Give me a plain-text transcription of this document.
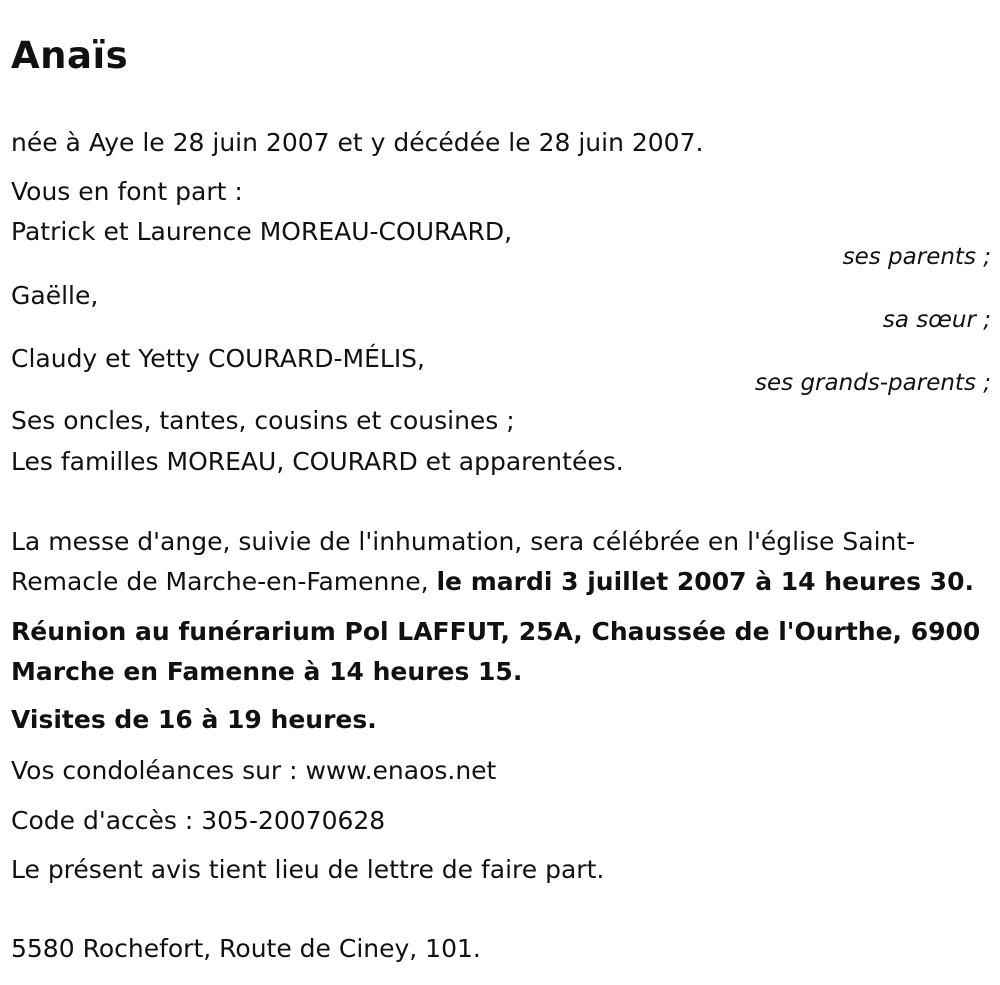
Anaïs
née à Aye le 28 juin 2007 et y décédée le 28 juin 2007.
Vous en font part :
Patrick et Laurence MOREAU-COURARD,
ses parents ;
Gaëlle,
sa sœur ;
Claudy et Yetty COURARD-MÉLIS,
ses grands-parents ;
Ses oncles, tantes, cousins et cousines ;
Les familles MOREAU, COURARD et apparentées.
La messe d'ange, suivie de l'inhumation, sera célébrée en l'église Saint-Remacle de Marche-en-Famenne, le mardi 3 juillet 2007 à 14 heures 30.
Réunion au funérarium Pol LAFFUT, 25A, Chaussée de l'Ourthe, 6900 Marche en Famenne à 14 heures 15.
Visites de 16 à 19 heures.
Vos condoléances sur : www.enaos.net
Code d'accès : 305-20070628
Le présent avis tient lieu de lettre de faire part.
5580 Rochefort, Route de Ciney, 101.
